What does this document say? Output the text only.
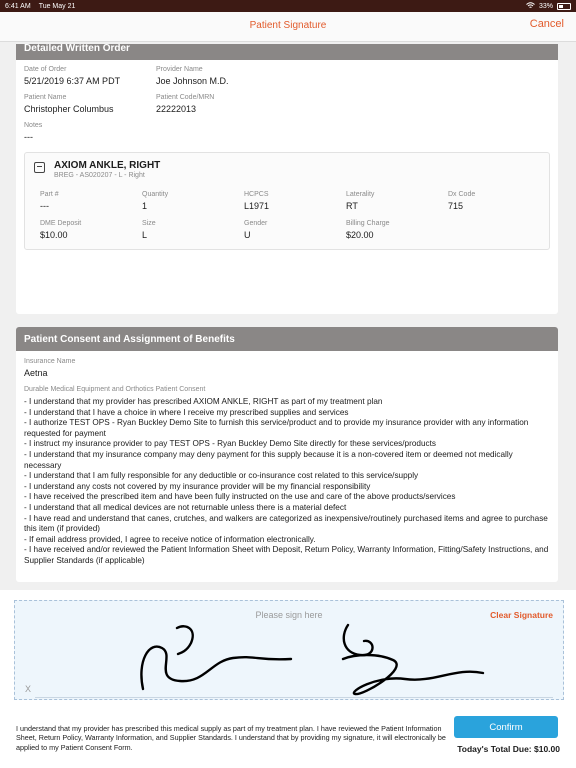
6:41 AM Tue May 21	33%
Patient Signature	Cancel
Detailed Written Order
Date of Order
5/21/2019 6:37 AM PDT
Provider Name
Joe Johnson M.D.
Patient Name
Christopher Columbus
Patient Code/MRN
22222013
Notes
---
AXIOM ANKLE, RIGHT
BREG - AS020207 - L - Right
Part #
---
Quantity
1
HCPCS
L1971
Laterality
RT
Dx Code
715
DME Deposit
$10.00
Size
L
Gender
U
Billing Charge
$20.00
Patient Consent and Assignment of Benefits
Insurance Name
Aetna
Durable Medical Equipment and Orthotics Patient Consent
- I understand that my provider has prescribed AXIOM ANKLE, RIGHT as part of my treatment plan
- I understand that I have a choice in where I receive my prescribed supplies and services
- I authorize TEST OPS - Ryan Buckley Demo Site to furnish this service/product and to provide my insurance provider with any information requested for payment
- I instruct my insurance provider to pay TEST OPS - Ryan Buckley Demo Site directly for these services/products
- I understand that my insurance company may deny payment for this supply because it is a non-covered item or deemed not medically necessary
- I understand that I am fully responsible for any deductible or co-insurance cost related to this service/supply
- I understand any costs not covered by my insurance provider will be my financial responsibility
- I have received the prescribed item and have been fully instructed on the use and care of the above products/services
- I understand that all medical devices are not returnable unless there is a material defect
- I have read and understand that canes, crutches, and walkers are categorized as inexpensive/routinely purchased items and agree to purchase this item (if provided)
- If email address provided, I agree to receive notice of information electronically.
- I have received and/or reviewed the Patient Information Sheet with Deposit, Return Policy, Warranty Information, Fitting/Safety Instructions, and Supplier Standards (if applicable)
Please sign here	Clear Signature
X
I understand that my provider has prescribed this medical supply as part of my treatment plan. I have reviewed the Patient Information Sheet, Return Policy, Warranty Information, and Supplier Standards. I understand that by providing my signature, it will electronically be applied to my Patient Consent Form.
Confirm
Today's Total Due: $10.00
